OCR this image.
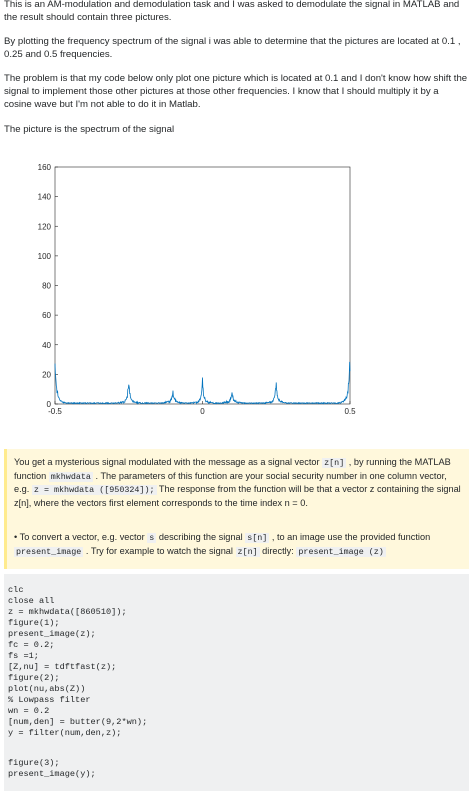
This is an AM-modulation and demodulation task and I was asked to demodulate the signal in MATLAB and the result should contain three pictures.

By plotting the frequency spectrum of the signal i was able to determine that the pictures are located at 0.1 , 0.25 and 0.5 frequencies.

The problem is that my code below only plot one picture which is located at 0.1 and I don't know how shift the signal to implement those other pictures at those other frequencies. I know that I should multiply it by a cosine wave but I'm not able to do it in Matlab.

The picture is the spectrum of the signal

0
20
40
60
80
100
120
140
160
-0.5	0	0.5

You get a mysterious signal modulated with the message as a signal vector z[n] , by running the MATLAB function mkhwdata . The parameters of this function are your social security number in one column vector, e.g. z = mkhwdata ([950324]); The response from the function will be that a vector z containing the signal z[n], where the vectors first element corresponds to the time index n = 0.

• To convert a vector, e.g. vector s describing the signal s[n] , to an image use the provided function present_image . Try for example to watch the signal z[n] directly: present_image (z)

clc
close all
z = mkhwdata([860510]);
figure(1);
present_image(z);
fc = 0.2;
fs =1;
[Z,nu] = tdftfast(z);
figure(2);
plot(nu,abs(Z))
% Lowpass filter
wn = 0.2
[num,den] = butter(9,2*wn);
y = filter(num,den,z);
figure(3);
present_image(y);
